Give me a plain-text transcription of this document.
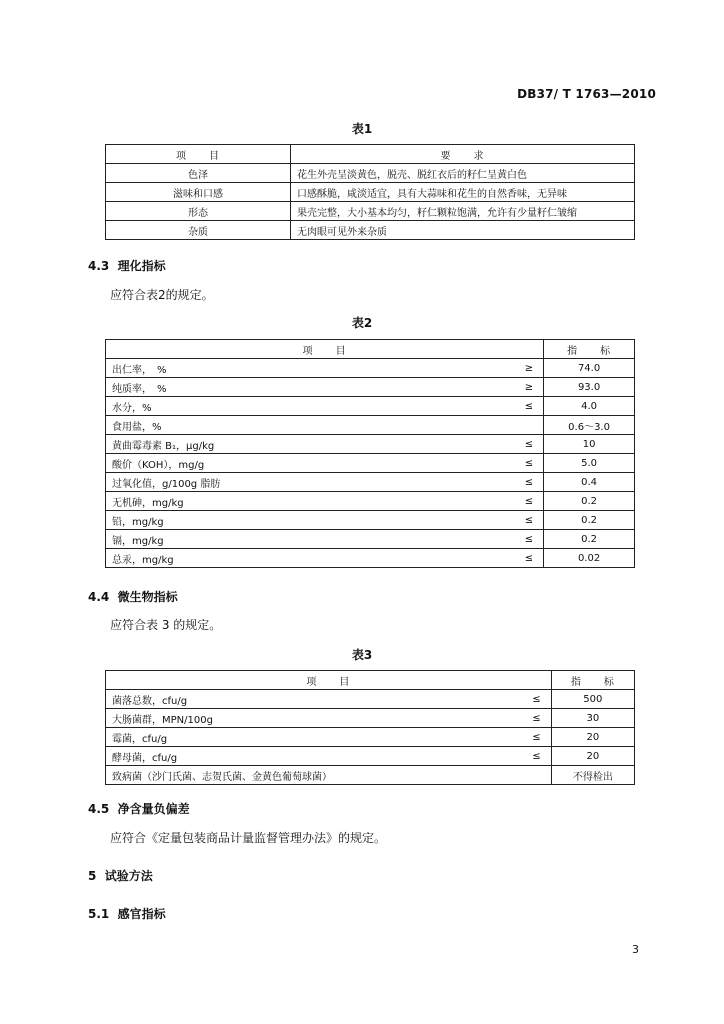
DB37/ T 1763—2010
表1
项　　目	要　　求
色泽	花生外壳呈淡黄色，脱壳、脱红衣后的籽仁呈黄白色
滋味和口感	口感酥脆，咸淡适宜，具有大蒜味和花生的自然香味，无异味
形态	果壳完整，大小基本均匀，籽仁颗粒饱满，允许有少量籽仁皱缩
杂质	无肉眼可见外来杂质
4.3 理化指标
应符合表2的规定。
表2
项　　目		指　　标
出仁率，　%	≥	74.0
纯质率，　%	≥	93.0
水分，%	≤	4.0
食用盐，%		0.6～3.0
黄曲霉毒素 B₁，μg/kg	≤	10
酸价（KOH），mg/g	≤	5.0
过氧化值，g/100g 脂肪	≤	0.4
无机砷，mg/kg	≤	0.2
铅，mg/kg	≤	0.2
镉，mg/kg	≤	0.2
总汞，mg/kg	≤	0.02
4.4 微生物指标
应符合表 3 的规定。
表3
项　　目		指　　标
菌落总数，cfu/g	≤	500
大肠菌群，MPN/100g	≤	30
霉菌，cfu/g	≤	20
酵母菌，cfu/g	≤	20
致病菌（沙门氏菌、志贺氏菌、金黄色葡萄球菌）		不得检出
4.5 净含量负偏差
应符合《定量包装商品计量监督管理办法》的规定。
5 试验方法
5.1 感官指标
3
